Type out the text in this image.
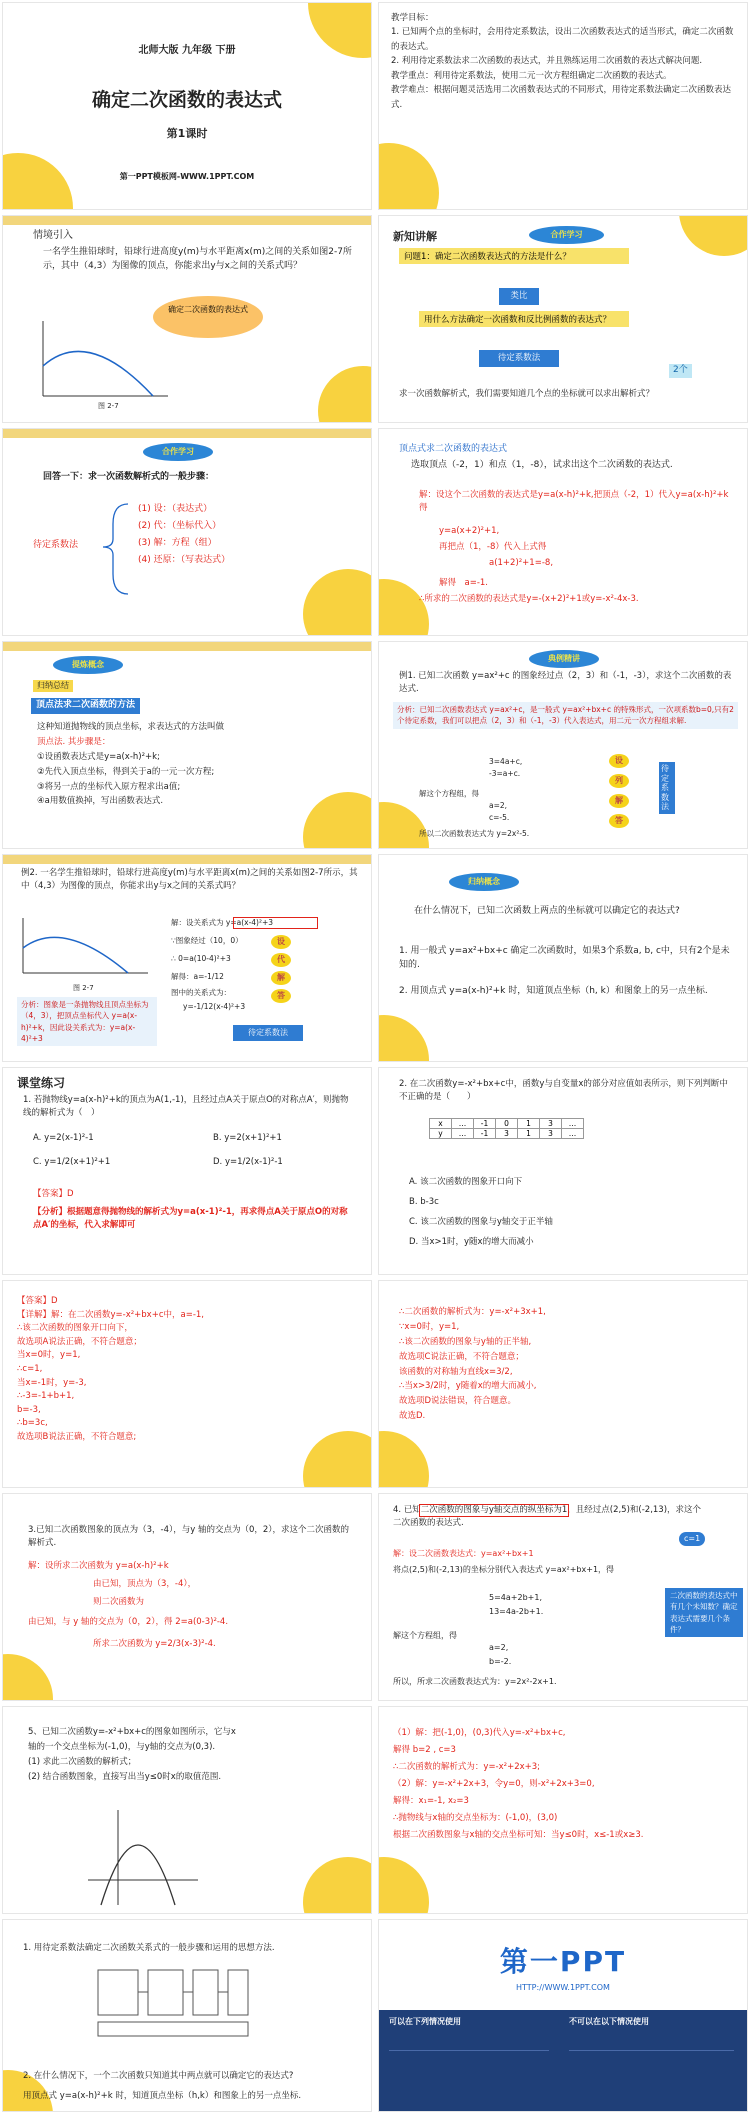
北师大版 九年级 下册
确定二次函数的表达式
第1课时
第一PPT模板网-WWW.1PPT.COM

教学目标：

1. 已知两个点的坐标时，会用待定系数法，设出二次函数表达式的适当形式，确定二次函数的表达式。

2. 利用待定系数法求二次函数的表达式，并且熟练运用二次函数的表达式解决问题.

教学重点：利用待定系数法，使用二元一次方程组确定二次函数的表达式。

教学难点：根据问题灵活选用二次函数表达式的不同形式，用待定系数法确定二次函数表达式.

情境引入
一名学生推铅球时，铅球行进高度y(m)与水平距离x(m)之间的关系如图2-7所示，其中（4,3）为图像的顶点，你能求出y与x之间的关系式吗？
确定二次函数的表达式
图 2-7
新知讲解	合作学习
问题1：确定二次函数表达式的方法是什么？
类比
用什么方法确定一次函数和反比例函数的表达式？
待定系数法
2个
求一次函数解析式，我们需要知道几个点的坐标就可以求出解析式？
合作学习
回答一下：求一次函数解析式的一般步骤：
待定系数法

(1) 设：（表达式）

(2) 代：（坐标代入）

(3) 解：方程（组）

(4) 还原：（写表达式）

顶点式求二次函数的表达式
选取顶点（-2，1）和点（1，-8），试求出这个二次函数的表达式.
解：设这个二次函数的表达式是y=a(x-h)²+k,把顶点（-2，1）代入y=a(x-h)²+k得
y=a(x+2)²+1,
再把点（1，-8）代入上式得
a(1+2)²+1=-8,
解得　a=-1.
∴所求的二次函数的表达式是y=-(x+2)²+1或y=-x²-4x-3.
提炼概念
归纳总结
顶点法求二次函数的方法

这种知道抛物线的顶点坐标，求表达式的方法叫做

顶点法. 其步骤是：

①设函数表达式是y=a(x-h)²+k;

②先代入顶点坐标，得到关于a的一元一次方程;

③将另一点的坐标代入原方程求出a值;

④a用数值换掉，写出函数表达式.

典例精讲
例1. 已知二次函数 y=ax²+c 的图象经过点（2，3）和（-1，-3），求这个二次函数的表达式.
分析：已知二次函数表达式 y=ax²+c，是一般式 y=ax²+bx+c 的特殊形式，一次项系数b=0,只有2个待定系数，我们可以把点（2，3）和（-1，-3）代入表达式，用二元一次方程组求解.
3=4a+c,
-3=a+c.
解这个方程组，得
a=2,
c=-5.
所以二次函数表达式为 y=2x²-5.
设
列
解
答
待定系数法
例2. 一名学生推铅球时，铅球行进高度y(m)与水平距离x(m)之间的关系如图2-7所示，其中（4,3）为图像的顶点，你能求出y与x之间的关系式吗？
图 2-7
分析：图象是一条抛物线且顶点坐标为（4，3），把顶点坐标代入 y=a(x-h)²+k，因此设关系式为：y=a(x-4)²+3
解：设关系式为 y=a(x-4)²+3
∵图象经过（10，0）
∴ 0=a(10-4)²+3
解得：a=-1/12
图中的关系式为：
y=-1/12(x-4)²+3
设
代
解
答
待定系数法
归纳概念
在什么情况下，已知二次函数上两点的坐标就可以确定它的表达式?
1. 用一般式 y=ax²+bx+c 确定二次函数时，如果3个系数a, b, c中，只有2个是未知的.
2. 用顶点式 y=a(x-h)²+k 时，知道顶点坐标（h, k）和图象上的另一点坐标.
课堂练习
1. 若抛物线y=a(x-h)²+k的顶点为A(1,-1)，且经过点A关于原点O的对称点A′，则抛物线的解析式为（　）
A. y=2(x-1)²-1	B. y=2(x+1)²+1
C. y=1/2(x+1)²+1	D. y=1/2(x-1)²-1
【答案】D
【分析】根据题意得抛物线的解析式为y=a(x-1)²-1，再求得点A关于原点O的对称点A′的坐标，代入求解即可
2. 在二次函数y=-x²+bx+c中，函数y与自变量x的部分对应值如表所示，则下列判断中不正确的是（　　）
x	…	-1	0	1	3	…
y	…	-1	3	1	3	…
A. 该二次函数的图象开口向下
B. b-3c
C. 该二次函数的图象与y轴交于正半轴
D. 当x>1时，y随x的增大而减小

【答案】D

【详解】解：在二次函数y=-x²+bx+c中，a=-1,

∴该二次函数的图象开口向下，

故选项A说法正确，不符合题意；

当x=0时，y=1,

∴c=1,

当x=-1时，y=-3,

∴-3=-1+b+1,

b=-3,

∴b=3c,

故选项B说法正确，不符合题意;

∴二次函数的解析式为：y=-x²+3x+1,

∵x=0时，y=1,

∴该二次函数的图象与y轴的正半轴,

故选项C说法正确，不符合题意；

该函数的对称轴为直线x=3/2,

∴当x>3/2时，y随着x的增大而减小,

故选项D说法错误，符合题意。

故选D.

3.已知二次函数图象的顶点为（3，-4），与y 轴的交点为（0，2），求这个二次函数的解析式.
解：设所求二次函数为 y=a(x-h)²+k
由已知，顶点为（3，-4），
则二次函数为
由已知，与 y 轴的交点为（0，2），得 2=a(0-3)²-4.
所求二次函数为 y=2/3(x-3)²-4.
4. 已知二次函数的图象与y轴交点的纵坐标为1，且经过点(2,5)和(-2,13)，求这个二次函数的表达式.
c=1
解：设二次函数表达式：y=ax²+bx+1
将点(2,5)和(-2,13)的坐标分别代入表达式 y=ax²+bx+1，得
5=4a+2b+1,
13=4a-2b+1.
解这个方程组，得
a=2,
b=-2.
所以，所求二次函数表达式为：y=2x²-2x+1.
二次函数的表达式中有几个未知数？确定表达式需要几个条件？

5、已知二次函数y=-x²+bx+c的图象如图所示，它与x

轴的一个交点坐标为(-1,0)，与y轴的交点为(0,3).

(1) 求此二次函数的解析式；

(2) 结合函数图象，直接写出当y≤0时x的取值范围.

（1）解：把(-1,0)，(0,3)代入y=-x²+bx+c,

解得 b=2 , c=3

∴二次函数的解析式为：y=-x²+2x+3;

（2）解：y=-x²+2x+3，令y=0，则-x²+2x+3=0,

解得：x₁=-1, x₂=3

∴抛物线与x轴的交点坐标为：(-1,0)，(3,0)

根据二次函数图象与x轴的交点坐标可知：当y≤0时，x≤-1或x≥3.

1. 用待定系数法确定二次函数关系式的一般步骤和运用的思想方法.
2. 在什么情况下，一个二次函数只知道其中两点就可以确定它的表达式?
用顶点式 y=a(x-h)²+k 时，知道顶点坐标（h,k）和图象上的另一点坐标.
第一PPT
HTTP://WWW.1PPT.COM
可以在下列情况使用	不可以在以下情况使用
